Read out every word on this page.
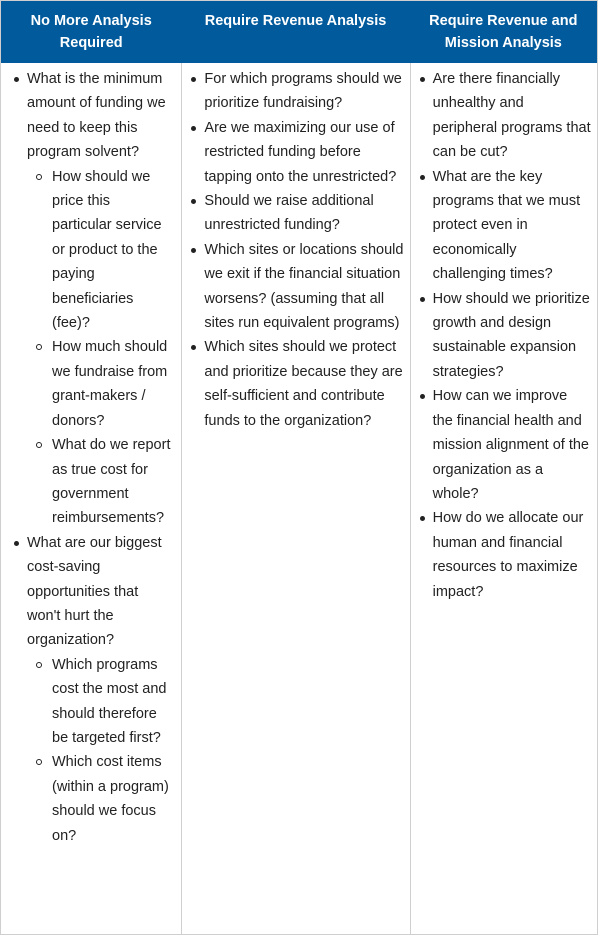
No More Analysis Required
Require Revenue Analysis	Require Revenue and Mission Analysis
What is the minimum amount of funding we need to keep this program solvent?
How should we price this particular service or product to the paying beneficiaries (fee)?
How much should we fundraise from grant-makers / donors?
What do we report as true cost for government reimbursements?
What are our biggest cost-saving opportunities that won't hurt the organization?
Which programs cost the most and should therefore be targeted first?
Which cost items (within a program) should we focus on?
For which programs should we prioritize fundraising?
Are we maximizing our use of restricted funding before tapping onto the unrestricted?
Should we raise additional unrestricted funding?
Which sites or locations should we exit if the financial situation worsens? (assuming that all sites run equivalent programs)
Which sites should we protect and prioritize because they are self-sufficient and contribute funds to the organization?
Are there financially unhealthy and peripheral programs that can be cut?
What are the key programs that we must protect even in economically challenging times?
How should we prioritize growth and design sustainable expansion strategies?
How can we improve the financial health and mission alignment of the organization as a whole?
How do we allocate our human and financial resources to maximize impact?
